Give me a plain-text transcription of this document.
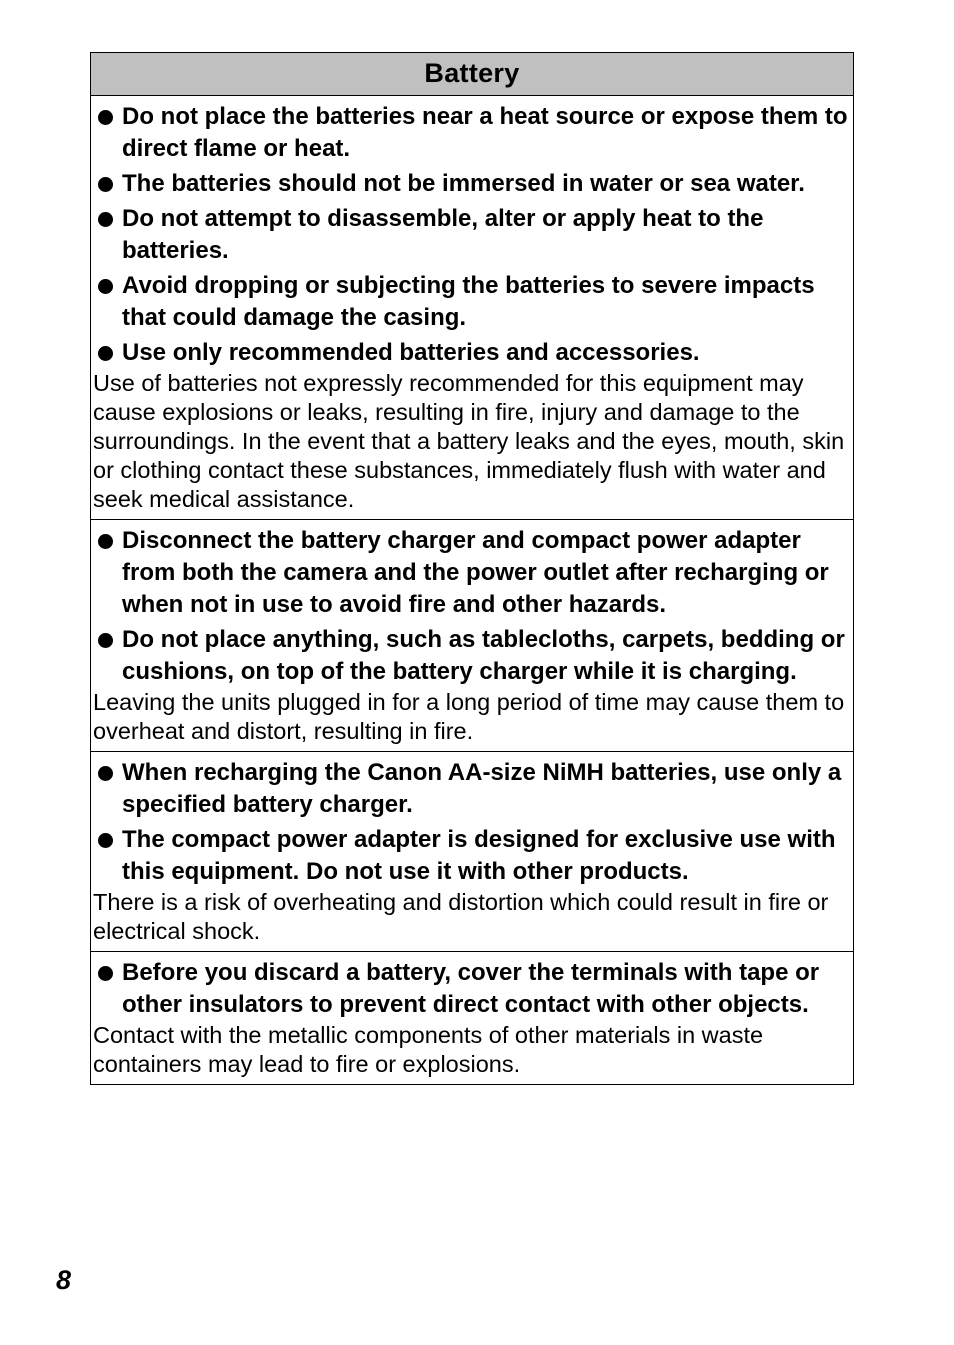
Battery

Do not place the batteries near a heat source or expose them to direct flame or heat.
The batteries should not be immersed in water or sea water.
Do not attempt to disassemble, alter or apply heat to the batteries.
Avoid dropping or subjecting the batteries to severe impacts that could damage the casing.
Use only recommended batteries and accessories.

Use of batteries not expressly recommended for this equipment may cause explosions or leaks, resulting in fire, injury and damage to the surroundings. In the event that a battery leaks and the eyes, mouth, skin or clothing contact these substances, immediately flush with water and seek medical assistance.

Disconnect the battery charger and compact power adapter from both the camera and the power outlet after recharging or when not in use to avoid fire and other hazards.
Do not place anything, such as tablecloths, carpets, bedding or cushions, on top of the battery charger while it is charging.

Leaving the units plugged in for a long period of time may cause them to overheat and distort, resulting in fire.

When recharging the Canon AA-size NiMH batteries, use only a specified battery charger.
The compact power adapter is designed for exclusive use with this equipment. Do not use it with other products.

There is a risk of overheating and distortion which could result in fire or electrical shock.

Before you discard a battery, cover the terminals with tape or other insulators to prevent direct contact with other objects.

Contact with the metallic components of other materials in waste containers may lead to fire or explosions.

8
